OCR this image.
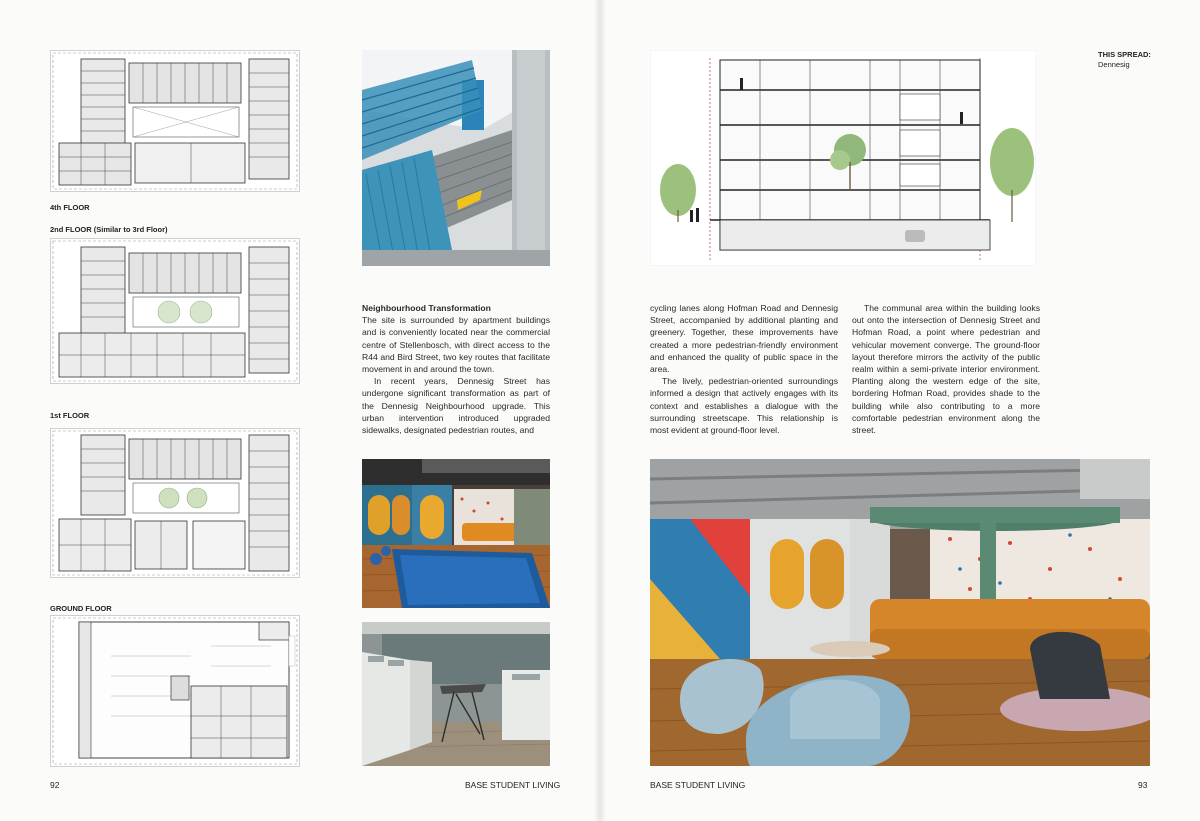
4th FLOOR
2nd FLOOR (Similar to 3rd Floor)
1st FLOOR
GROUND FLOOR
Neighbourhood Transformation

The site is surrounded by apartment buildings and is conveniently located near the commercial centre of Stellenbosch, with direct access to the R44 and Bird Street, two key routes that facilitate movement in and around the town.

In recent years, Dennesig Street has undergone significant transformation as part of the Dennesig Neighbourhood upgrade. This urban intervention introduced upgraded sidewalks, designated pedestrian routes, and

92	BASE STUDENT LIVING
THIS SPREAD:
Dennesig

cycling lanes along Hofman Road and Dennesig Street, accompanied by additional planting and greenery. Together, these improvements have created a more pedestrian-friendly environment and enhanced the quality of public space in the area.

The lively, pedestrian-oriented surroundings informed a design that actively engages with its context and establishes a dialogue with the surrounding streetscape. This relationship is most evident at ground-floor level.

The communal area within the building looks out onto the intersection of Dennesig Street and Hofman Road, a point where pedestrian and vehicular movement converge. The ground-floor layout therefore mirrors the activity of the public realm within a semi-private interior environment. Planting along the western edge of the site, bordering Hofman Road, provides shade to the building while also contributing to a more comfortable pedestrian environment along the street.

BASE STUDENT LIVING	93
